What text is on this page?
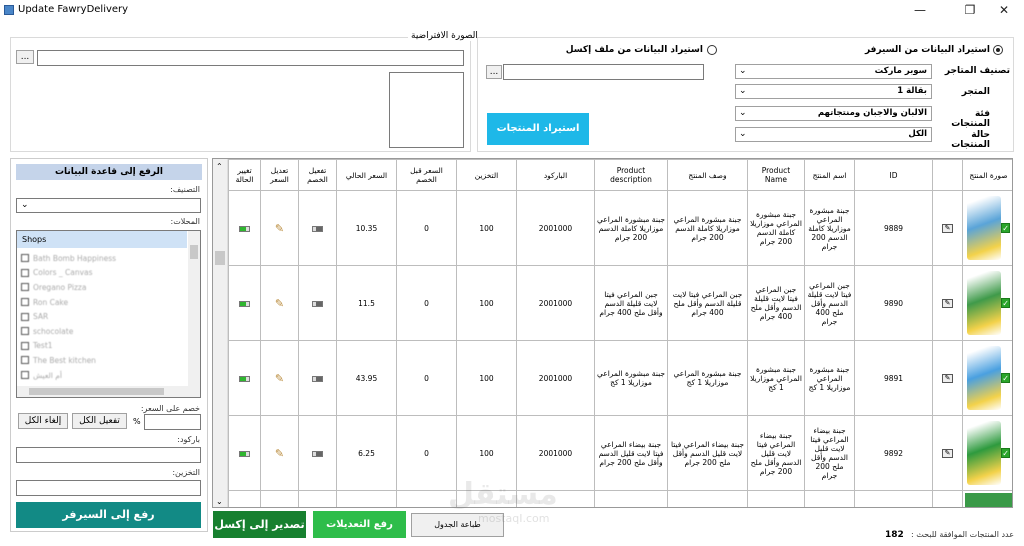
Update FawryDelivery	—	❐	✕
الصورة الافتراضية
...
استيراد البيانات من السيرفر
استيراد البيانات من ملف إكسل
...
استيراد المنتجات
⌄	سوبر ماركت	تصنيف المتاجر
⌄	بقالة 1	المتجر
⌄	الالبان والاجبان ومنتجاتهم	فئة المنتجات
⌄	الكل	حالة المنتجات
الرفع إلى قاعدة البيانات
التصنيف:
⌄
المحلات:
Shops
Bath Bomb Happiness
Colors _ Canvas
Oregano Pizza
Ron Cake
SAR
schocolate
Test1
The Best kitchen
أم العيش
خصم على السعر:
%
تفعيل الكل
إلغاء الكل
باركود:
التخزين:
رفع إلى السيرفر
⌃
⌄
تغيير الحالة	تعديل السعر	تفعيل الخصم	السعر الحالي	السعر قبل الخصم	التخزين	الباركود	Product description	وصف المنتج	Product Name	اسم المنتج	ID		صورة المنتج
	✎		10.35	0	100	2001000	جبنة مبشورة المراعي موزاريلا كاملة الدسم 200 جرام	جبنة مبشورة المراعي موزاريلا كاملة الدسم 200 جرام	جبنة مبشورة المراعي موزاريلا كاملة الدسم 200 جرام	جبنة مبشورة المراعي موزاريلا كاملة الدسم 200 جرام	9889	✎	✓

	✎		11.5	0	100	2001000	جبن المراعي فيتا لايت قليلة الدسم وأقل ملح 400 جرام	جبن المراعي فيتا لايت قليلة الدسم وأقل ملح 400 جرام	جبن المراعي فيتا لايت قليلة الدسم وأقل ملح 400 جرام	جبن المراعي فيتا لايت قليلة الدسم وأقل ملح 400 جرام	9890	✎	✓

	✎		43.95	0	100	2001000	جبنة مبشورة المراعي موزاريلا 1 كج	جبنة مبشورة المراعي موزاريلا 1 كج	جبنة مبشورة المراعي موزاريلا 1 كج	جبنة مبشورة المراعي موزاريلا 1 كج	9891	✎	✓

	✎		6.25	0	100	2001000	جبنة بيضاء المراعي فيتا لايت قليل الدسم وأقل ملح 200 جرام	جبنة بيضاء المراعي فيتا لايت قليل الدسم وأقل ملح 200 جرام	جبنة بيضاء المراعي فيتا لايت قليل الدسم وأقل ملح 200 جرام	جبنة بيضاء المراعي فيتا لايت قليل الدسم وأقل ملح 200 جرام	9892	✎	✓

تصدير إلى إكسل	رفع التعديلات	طباعة الجدول
182 عدد المنتجات الموافقة للبحث :
مستقل
mostaqI.com
